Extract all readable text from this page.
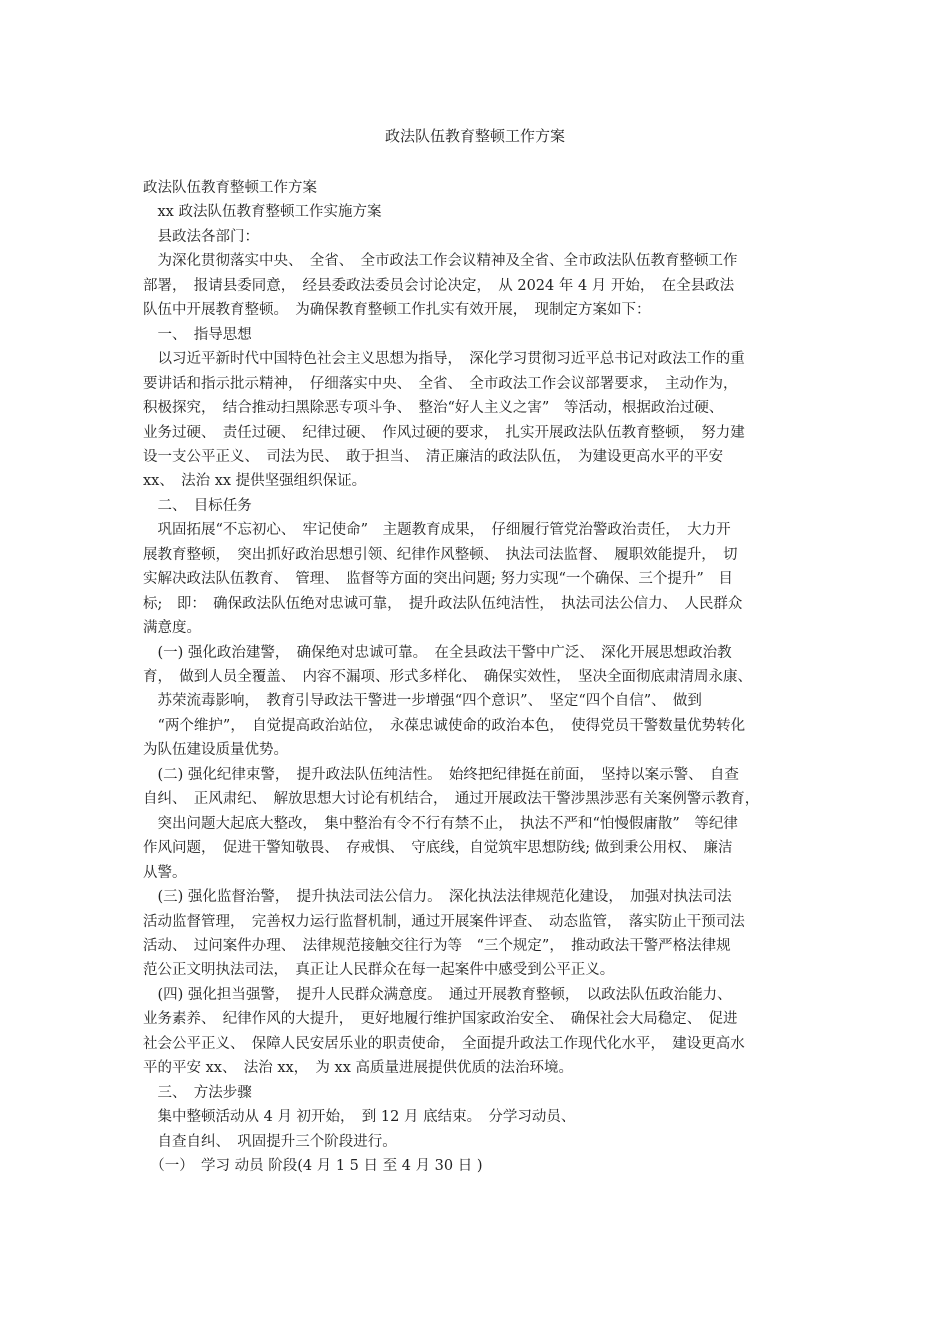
政法队伍教育整顿工作方案
政法队伍教育整顿工作方案
　xx 政法队伍教育整顿工作实施方案
　县政法各部门：
　为深化贯彻落实中央、　全省、　全市政法工作会议精神及全省、全市政法队伍教育整顿工作
部署，　报请县委同意，　经县委政法委员会讨论决定，　从 2024 年 4 月 开始，　在全县政法
队伍中开展教育整顿。　为确保教育整顿工作扎实有效开展，　现制定方案如下：
　一、　指导思想
　以习近平新时代中国特色社会主义思想为指导，　深化学习贯彻习近平总书记对政法工作的重
要讲话和指示批示精神，　仔细落实中央、　全省、　全市政法工作会议部署要求，　主动作为，
积极探究，　结合推动扫黑除恶专项斗争、　整治“好人主义之害”　等活动，根据政治过硬、
业务过硬、　责任过硬、　纪律过硬、　作风过硬的要求，　扎实开展政法队伍教育整顿，　努力建
设一支公平正义、　司法为民、　敢于担当、　清正廉洁的政法队伍，　为建设更高水平的平安
xx、　法治 xx 提供坚强组织保证。
　二、　目标任务
　巩固拓展“不忘初心、　牢记使命”　主题教育成果，　仔细履行管党治警政治责任，　大力开
展教育整顿，　突出抓好政治思想引领、纪律作风整顿、　执法司法监督、　履职效能提升，　切
实解决政法队伍教育、　管理、　监督等方面的突出问题; 努力实现“一个确保、三个提升”　目
标;　即：　确保政法队伍绝对忠诚可靠，　提升政法队伍纯洁性，　执法司法公信力、　人民群众
满意度。
　(一) 强化政治建警，　确保绝对忠诚可靠。　在全县政法干警中广泛、　深化开展思想政治教
育，　做到人员全覆盖、　内容不漏项、形式多样化、　确保实效性，　坚决全面彻底肃清周永康、
　苏荣流毒影响，　教育引导政法干警进一步增强“四个意识”、　坚定“四个自信”、　做到
　“两个维护”，　自觉提高政治站位，　永葆忠诚使命的政治本色，　使得党员干警数量优势转化
为队伍建设质量优势。
　(二) 强化纪律束警，　提升政法队伍纯洁性。　始终把纪律挺在前面，　坚持以案示警、　自查
自纠、　正风肃纪、　解放思想大讨论有机结合，　通过开展政法干警涉黑涉恶有关案例警示教育，
　突出问题大起底大整改，　集中整治有令不行有禁不止，　执法不严和“怕慢假庸散”　等纪律
作风问题，　促进干警知敬畏、　存戒惧、　守底线，自觉筑牢思想防线; 做到秉公用权、　廉洁
从警。
　(三) 强化监督治警，　提升执法司法公信力。　深化执法法律规范化建设，　加强对执法司法
活动监督管理，　完善权力运行监督机制，通过开展案件评查、　动态监管，　落实防止干预司法
活动、　过问案件办理、　法律规范接触交往行为等　“三个规定”，　推动政法干警严格法律规
范公正文明执法司法，　真正让人民群众在每一起案件中感受到公平正义。
　(四) 强化担当强警，　提升人民群众满意度。　通过开展教育整顿，　以政法队伍政治能力、
业务素养、　纪律作风的大提升，　更好地履行维护国家政治安全、　确保社会大局稳定、　促进
社会公平正义、　保障人民安居乐业的职责使命，　全面提升政法工作现代化水平，　建设更高水
平的平安 xx、　法治 xx，　为 xx 高质量进展提供优质的法治环境。
　三、　方法步骤
　集中整顿活动从 4 月 初开始，　到 12 月 底结束。　分学习动员、
　自查自纠、　巩固提升三个阶段进行。
　（一）　学习 动员 阶段(4 月 1 5 日 至 4 月 30 日 )
